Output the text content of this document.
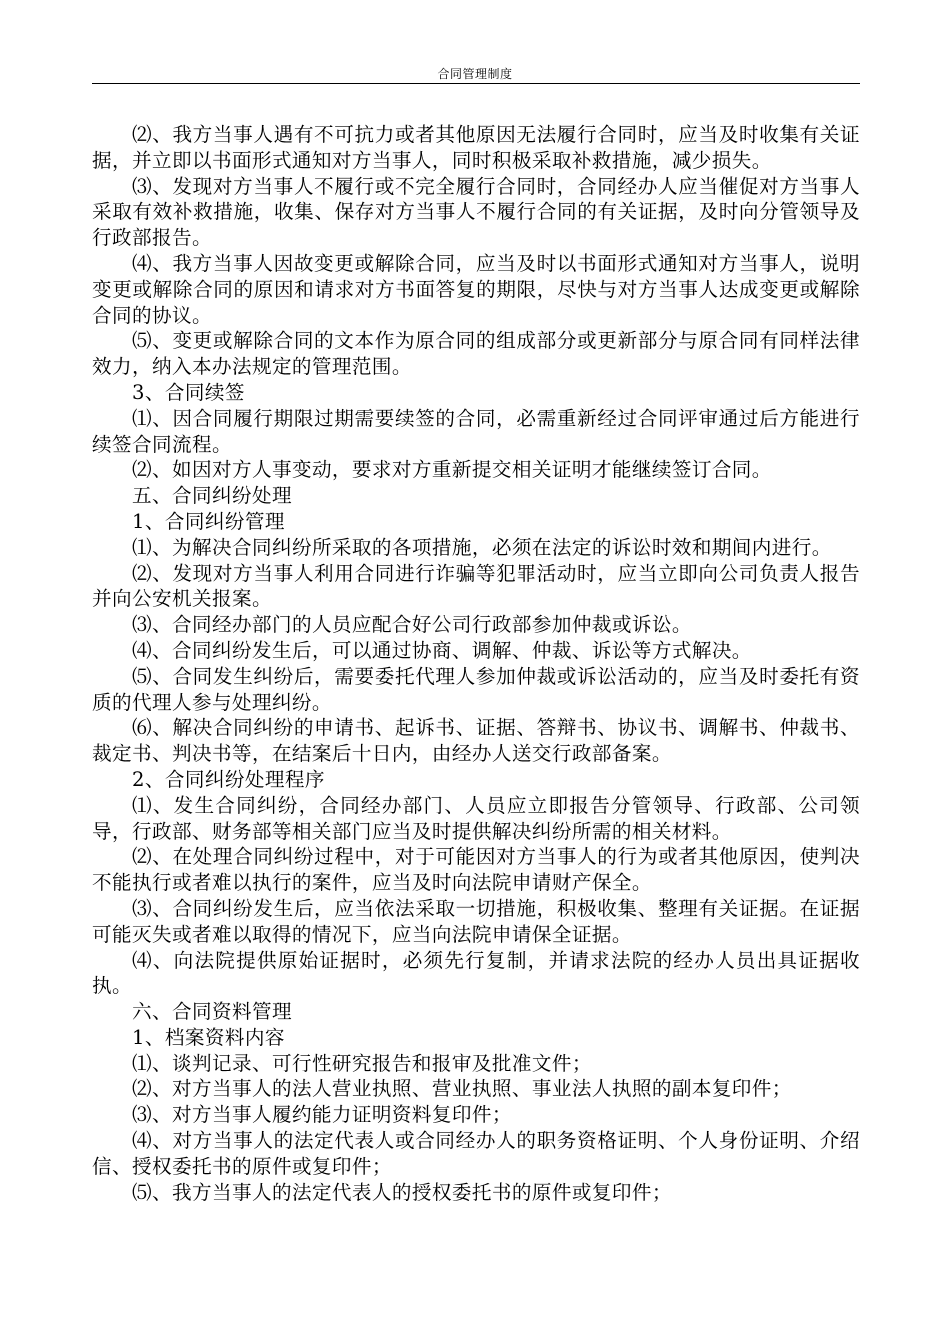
合同管理制度

⑵、我方当事人遇有不可抗力或者其他原因无法履行合同时，应当及时收集有关证据，并立即以书面形式通知对方当事人，同时积极采取补救措施，减少损失。

⑶、发现对方当事人不履行或不完全履行合同时，合同经办人应当催促对方当事人采取有效补救措施，收集、保存对方当事人不履行合同的有关证据，及时向分管领导及行政部报告。

⑷、我方当事人因故变更或解除合同，应当及时以书面形式通知对方当事人，说明变更或解除合同的原因和请求对方书面答复的期限，尽快与对方当事人达成变更或解除合同的协议。

⑸、变更或解除合同的文本作为原合同的组成部分或更新部分与原合同有同样法律效力，纳入本办法规定的管理范围。

3、合同续签

⑴、因合同履行期限过期需要续签的合同，必需重新经过合同评审通过后方能进行续签合同流程。

⑵、如因对方人事变动，要求对方重新提交相关证明才能继续签订合同。

五、合同纠纷处理

1、合同纠纷管理

⑴、为解决合同纠纷所采取的各项措施，必须在法定的诉讼时效和期间内进行。

⑵、发现对方当事人利用合同进行诈骗等犯罪活动时，应当立即向公司负责人报告并向公安机关报案。

⑶、合同经办部门的人员应配合好公司行政部参加仲裁或诉讼。

⑷、合同纠纷发生后，可以通过协商、调解、仲裁、诉讼等方式解决。

⑸、合同发生纠纷后，需要委托代理人参加仲裁或诉讼活动的，应当及时委托有资质的代理人参与处理纠纷。

⑹、解决合同纠纷的申请书、起诉书、证据、答辩书、协议书、调解书、仲裁书、裁定书、判决书等，在结案后十日内，由经办人送交行政部备案。

2、合同纠纷处理程序

⑴、发生合同纠纷，合同经办部门、人员应立即报告分管领导、行政部、公司领导，行政部、财务部等相关部门应当及时提供解决纠纷所需的相关材料。

⑵、在处理合同纠纷过程中，对于可能因对方当事人的行为或者其他原因，使判决不能执行或者难以执行的案件，应当及时向法院申请财产保全。

⑶、合同纠纷发生后，应当依法采取一切措施，积极收集、整理有关证据。在证据可能灭失或者难以取得的情况下，应当向法院申请保全证据。

⑷、向法院提供原始证据时，必须先行复制，并请求法院的经办人员出具证据收执。

六、合同资料管理

1、档案资料内容

⑴、谈判记录、可行性研究报告和报审及批准文件；

⑵、对方当事人的法人营业执照、营业执照、事业法人执照的副本复印件；

⑶、对方当事人履约能力证明资料复印件；

⑷、对方当事人的法定代表人或合同经办人的职务资格证明、个人身份证明、介绍信、授权委托书的原件或复印件；

⑸、我方当事人的法定代表人的授权委托书的原件或复印件；
